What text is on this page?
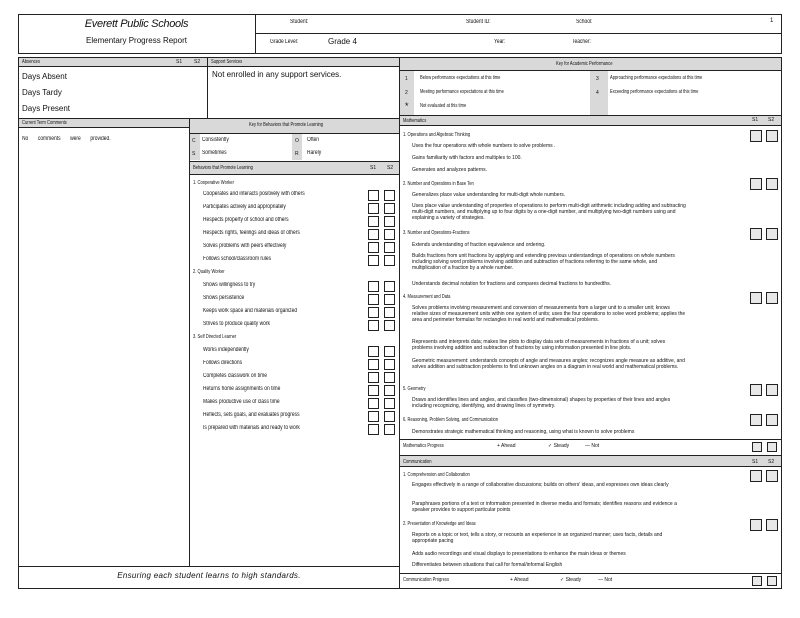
Everett Public Schools
Elementary Progress Report
Student:	Student ID:	School:	1
Grade Level:	Grade 4	Year:	Teacher:
Absences	S1 S2
Days Absent
Days Tardy
Days Present
Support Services
Not enrolled in any support services.
Current Term Comments
No comments were provided.
Key for Behaviors that Promote Learning
C Consistently	O Often
S Sometimes	R Rarely
Behaviors that Promote Learning	S1 S2
1. Cooperative Worker
Cooperates and interacts positively with others
Participates actively and appropriately
Respects property of school and others
Respects rights, feelings and ideas of others
Solves problems with peers effectively
Follows school/classroom rules
2. Quality Worker
Shows willingness to try
Shows persistence
Keeps work space and materials organized
Strives to produce quality work
3. Self Directed Learner
Works independently
Follows directions
Completes classwork on time
Returns home assignments on time
Makes productive use of class time
Reflects, sets goals, and evaluates progress
Is prepared with materials and ready to work
Ensuring each student learns to high standards.
Key for Academic Performance
1 Below performance expectations at this time	3 Approaching performance expectations at this time
2 Meeting performance expectations at this time	4 Exceeding performance expectations at this time
* Not evaluated at this time
Mathematics	S1 S2
1. Operations and Algebraic Thinking
Uses the four operations with whole numbers to solve problems .
Gains familiarity with factors and multiples to 100.
Generates and analyzes patterns.
2. Number and Operations in Base Ten
Generalizes place value understanding for multi-digit whole numbers.
Uses place value understanding of properties of operations to perform multi-digit arithmetic including adding and subtracting multi-digit numbers, and multiplying up to four digits by a one-digit number, and multiplying two-digit numbers using and explaining a variety of strategies.
3. Number and Operations-Fractions
Extends understanding of fraction equivalence and ordering.
Builds fractions from unit fractions by applying and extending previous understandings of operations on whole numbers including solving word problems involving addition and subtraction of fractions referring to the same whole, and multiplication of a fraction by a whole number.
Understands decimal notation for fractions and compares decimal fractions to hundredths.
4. Measurement and Data
Solves problems involving measurement and conversion of measurements from a larger unit to a smaller unit; knows relative sizes of measurement units within one system of units; uses the four operations to solve word problems; applies the area and perimeter formulas for rectangles in real world and mathematical problems.
Represents and interprets data; makes line plots to display data sets of measurements in fractions of a unit; solves problems involving addition and subtraction of fractions by using information presented in line plots.
Geometric measurement: understands concepts of angle and measures angles; recognizes angle measure as additive, and solves addition and subtraction problems to find unknown angles on a diagram in real world and mathematical problems.
5. Geometry
Draws and identifies lines and angles, and classifies (two-dimensional) shapes by properties of their lines and angles including recognizing, identifying, and drawing lines of symmetry.
6. Reasoning, Problem Solving, and Communication
Demonstrates strategic mathematical thinking and reasoning, using what is known to solve problems
Mathematics Progress	+ Ahead	✓ Steady	— Not
Communication	S1 S2
1. Comprehension and Collaboration
Engages effectively in a range of collaborative discussions; builds on others' ideas, and expresses own ideas clearly
Paraphrases portions of a text or information presented in diverse media and formats; identifies reasons and evidence a speaker provides to support particular points
2. Presentation of Knowledge and Ideas
Reports on a topic or text, tells a story, or recounts an experience in an organized manner; uses facts, details and appropriate pacing
Adds audio recordings and visual displays to presentations to enhance the main ideas or themes
Differentiates between situations that call for formal/informal English
Communication Progress	+ Ahead	✓ Steady	— Not
